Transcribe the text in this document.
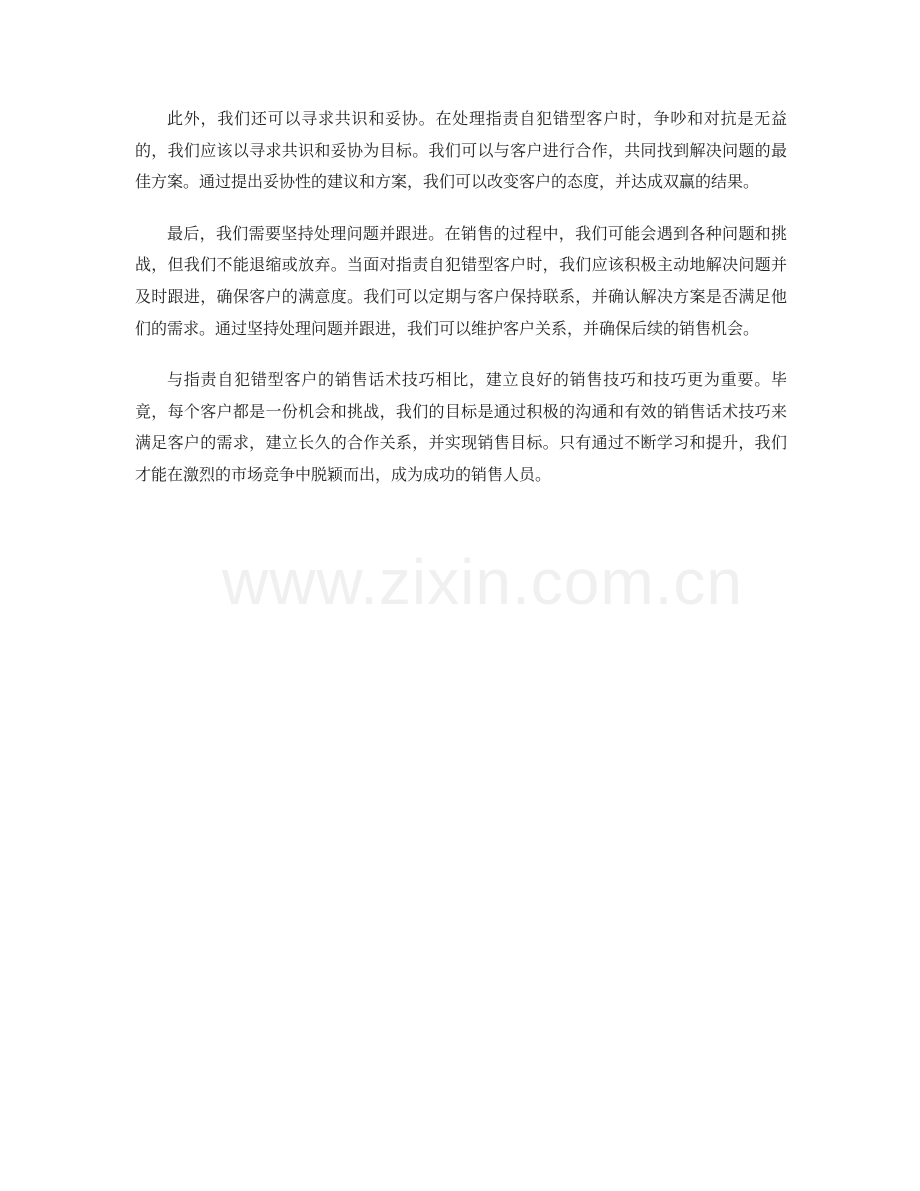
此外，我们还可以寻求共识和妥协。在处理指责自犯错型客户时，争吵和对抗是无益的，我们应该以寻求共识和妥协为目标。我们可以与客户进行合作，共同找到解决问题的最佳方案。通过提出妥协性的建议和方案，我们可以改变客户的态度，并达成双赢的结果。

最后，我们需要坚持处理问题并跟进。在销售的过程中，我们可能会遇到各种问题和挑战，但我们不能退缩或放弃。当面对指责自犯错型客户时，我们应该积极主动地解决问题并及时跟进，确保客户的满意度。我们可以定期与客户保持联系，并确认解决方案是否满足他们的需求。通过坚持处理问题并跟进，我们可以维护客户关系，并确保后续的销售机会。

与指责自犯错型客户的销售话术技巧相比，建立良好的销售技巧和技巧更为重要。毕竟，每个客户都是一份机会和挑战，我们的目标是通过积极的沟通和有效的销售话术技巧来满足客户的需求，建立长久的合作关系，并实现销售目标。只有通过不断学习和提升，我们才能在激烈的市场竞争中脱颖而出，成为成功的销售人员。

www.zixin.com.cn
